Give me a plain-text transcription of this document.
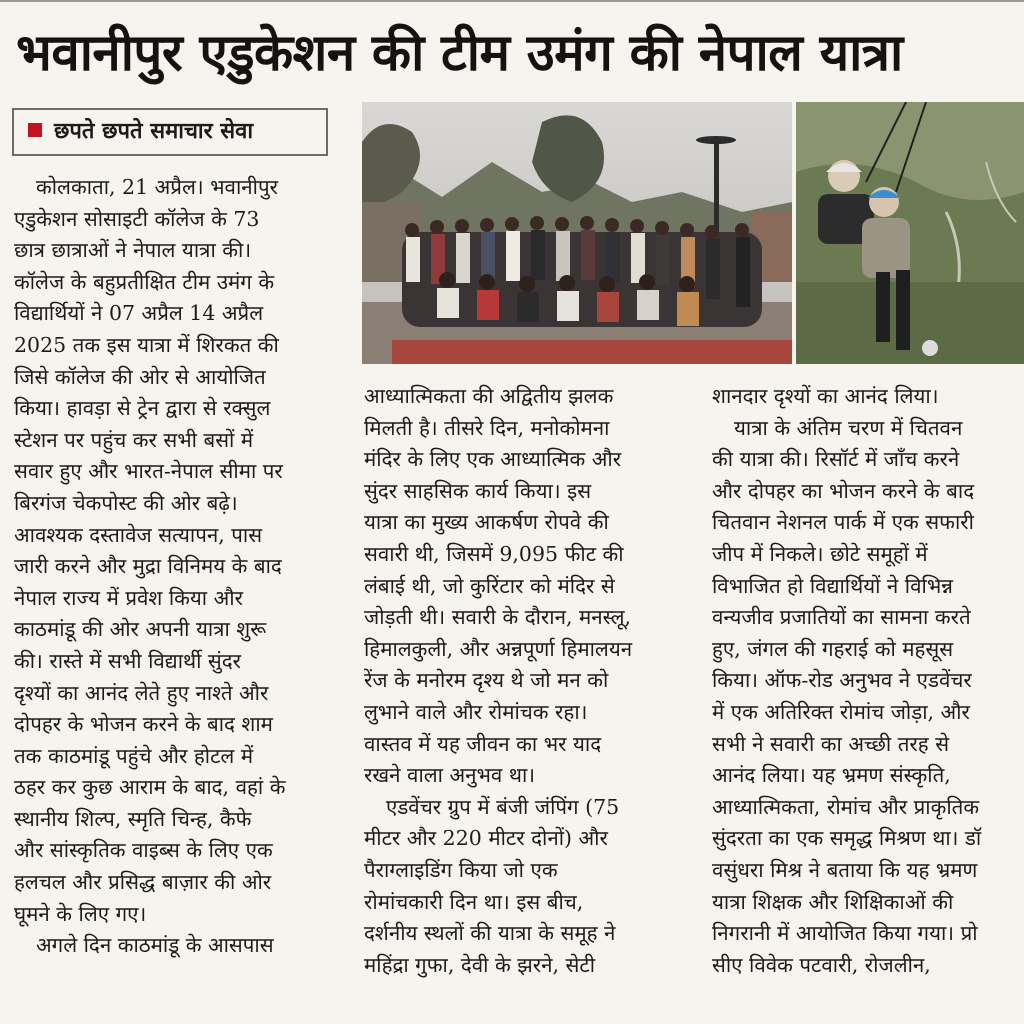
भवानीपुर एडुकेशन की टीम उमंग की नेपाल यात्रा
छपते छपते समाचार सेवा

कोलकाता, 21 अप्रैल। भवानीपुर

एडुकेशन सोसाइटी कॉलेज के 73

छात्र छात्राओं ने नेपाल यात्रा की।

कॉलेज के बहुप्रतीक्षित टीम उमंग के

विद्यार्थियों ने 07 अप्रैल 14 अप्रैल

2025 तक इस यात्रा में शिरकत की

जिसे कॉलेज की ओर से आयोजित

किया। हावड़ा से ट्रेन द्वारा से रक्सुल

स्टेशन पर पहुंच कर सभी बसों में

सवार हुए और भारत-नेपाल सीमा पर

बिरगंज चेकपोस्ट की ओर बढ़े।

आवश्यक दस्तावेज सत्यापन, पास

जारी करने और मुद्रा विनिमय के बाद

नेपाल राज्य में प्रवेश किया और

काठमांडू की ओर अपनी यात्रा शुरू

की। रास्ते में सभी विद्यार्थी सुंदर

दृश्यों का आनंद लेते हुए नाश्ते और

दोपहर के भोजन करने के बाद शाम

तक काठमांडू पहुंचे और होटल में

ठहर कर कुछ आराम के बाद, वहां के

स्थानीय शिल्प, स्मृति चिन्ह, कैफे

और सांस्कृतिक वाइब्स के लिए एक

हलचल और प्रसिद्ध बाज़ार की ओर

घूमने के लिए गए।

अगले दिन काठमांडू के आसपास

आध्यात्मिकता की अद्वितीय झलक

मिलती है। तीसरे दिन, मनोकोमना

मंदिर के लिए एक आध्यात्मिक और

सुंदर साहसिक कार्य किया। इस

यात्रा का मुख्य आकर्षण रोपवे की

सवारी थी, जिसमें 9,095 फीट की

लंबाई थी, जो कुरिंटार को मंदिर से

जोड़ती थी। सवारी के दौरान, मनस्लू,

हिमालकुली, और अन्नपूर्णा हिमालयन

रेंज के मनोरम दृश्य थे जो मन को

लुभाने वाले और रोमांचक रहा।

वास्तव में यह जीवन का भर याद

रखने वाला अनुभव था।

एडवेंचर ग्रुप में बंजी जंपिंग (75

मीटर और 220 मीटर दोनों) और

पैराग्लाइडिंग किया जो एक

रोमांचकारी दिन था। इस बीच,

दर्शनीय स्थलों की यात्रा के समूह ने

महिंद्रा गुफा, देवी के झरने, सेटी

शानदार दृश्यों का आनंद लिया।

यात्रा के अंतिम चरण में चितवन

की यात्रा की। रिसॉर्ट में जाँच करने

और दोपहर का भोजन करने के बाद

चितवान नेशनल पार्क में एक सफारी

जीप में निकले। छोटे समूहों में

विभाजित हो विद्यार्थियों ने विभिन्न

वन्यजीव प्रजातियों का सामना करते

हुए, जंगल की गहराई को महसूस

किया। ऑफ-रोड अनुभव ने एडवेंचर

में एक अतिरिक्त रोमांच जोड़ा, और

सभी ने सवारी का अच्छी तरह से

आनंद लिया। यह भ्रमण संस्कृति,

आध्यात्मिकता, रोमांच और प्राकृतिक

सुंदरता का एक समृद्ध मिश्रण था। डॉ

वसुंधरा मिश्र ने बताया कि यह भ्रमण

यात्रा शिक्षक और शिक्षिकाओं की

निगरानी में आयोजित किया गया। प्रो

सीए विवेक पटवारी, रोजलीन,
